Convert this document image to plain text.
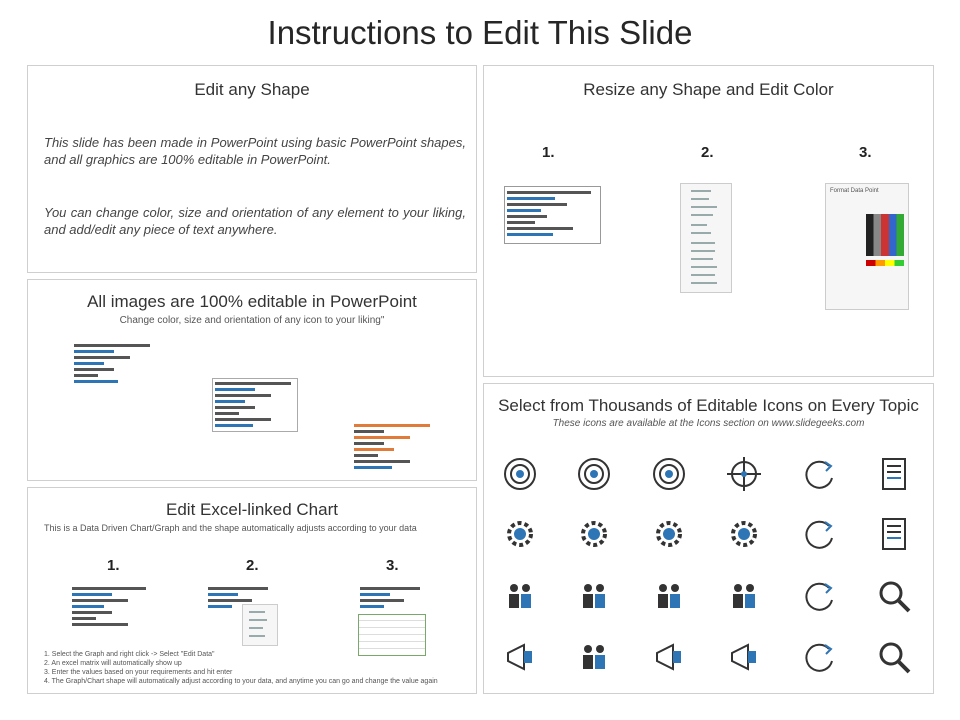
Instructions to Edit This Slide
Edit any Shape
This slide has been made in PowerPoint using basic PowerPoint shapes, and all graphics are 100% editable in PowerPoint.
You can change color, size and orientation of any element to your liking, and add/edit any piece of text anywhere.
Resize any Shape and Edit Color
1.	2.	3.
Format Data Point
All images are 100% editable in PowerPoint
Change color, size and orientation of any icon to your liking"
Edit Excel-linked Chart
This is a Data Driven Chart/Graph and the shape automatically adjusts according to your data
1.	2.	3.
1. Select the Graph and right click -> Select "Edit Data"
2. An excel matrix will automatically show up
3. Enter the values based on your requirements and hit enter
4. The Graph/Chart shape will automatically adjust according to your data, and anytime you can go and change the value again
Select from Thousands of Editable Icons on Every Topic
These icons are available at the Icons section on www.slidegeeks.com
